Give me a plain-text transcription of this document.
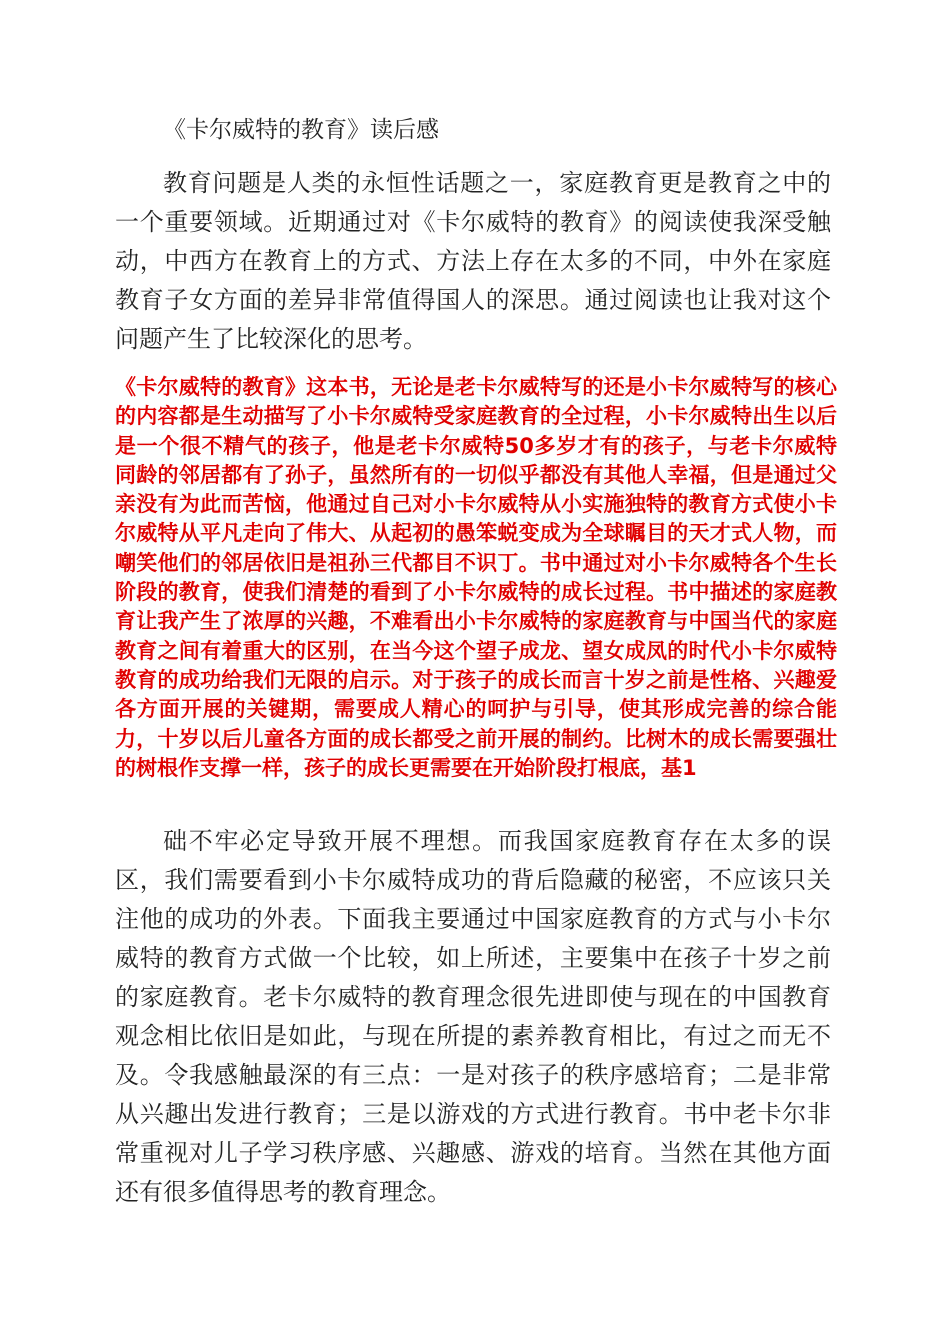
《卡尔威特的教育》读后感

教育问题是人类的永恒性话题之一，家庭教育更是教育之中的一个重要领域。近期通过对《卡尔威特的教育》的阅读使我深受触动，中西方在教育上的方式、方法上存在太多的不同，中外在家庭教育子女方面的差异非常值得国人的深思。通过阅读也让我对这个问题产生了比较深化的思考。

《卡尔威特的教育》这本书，无论是老卡尔威特写的还是小卡尔威特写的核心的内容都是生动描写了小卡尔威特受家庭教育的全过程，小卡尔威特出生以后是一个很不精气的孩子，他是老卡尔威特50多岁才有的孩子，与老卡尔威特同龄的邻居都有了孙子，虽然所有的一切似乎都没有其他人幸福，但是通过父亲没有为此而苦恼，他通过自己对小卡尔威特从小实施独特的教育方式使小卡尔威特从平凡走向了伟大、从起初的愚笨蜕变成为全球瞩目的天才式人物，而嘲笑他们的邻居依旧是祖孙三代都目不识丁。书中通过对小卡尔威特各个生长阶段的教育，使我们清楚的看到了小卡尔威特的成长过程。书中描述的家庭教育让我产生了浓厚的兴趣，不难看出小卡尔威特的家庭教育与中国当代的家庭教育之间有着重大的区别，在当今这个望子成龙、望女成凤的时代小卡尔威特教育的成功给我们无限的启示。对于孩子的成长而言十岁之前是性格、兴趣爱各方面开展的关键期，需要成人精心的呵护与引导，使其形成完善的综合能力，十岁以后儿童各方面的成长都受之前开展的制约。比树木的成长需要强壮的树根作支撑一样，孩子的成长更需要在开始阶段打根底，基1

础不牢必定导致开展不理想。而我国家庭教育存在太多的误区，我们需要看到小卡尔威特成功的背后隐藏的秘密，不应该只关注他的成功的外表。下面我主要通过中国家庭教育的方式与小卡尔威特的教育方式做一个比较，如上所述，主要集中在孩子十岁之前的家庭教育。老卡尔威特的教育理念很先进即使与现在的中国教育观念相比依旧是如此，与现在所提的素养教育相比，有过之而无不及。令我感触最深的有三点：一是对孩子的秩序感培育；二是非常从兴趣出发进行教育；三是以游戏的方式进行教育。书中老卡尔非常重视对儿子学习秩序感、兴趣感、游戏的培育。当然在其他方面还有很多值得思考的教育理念。
